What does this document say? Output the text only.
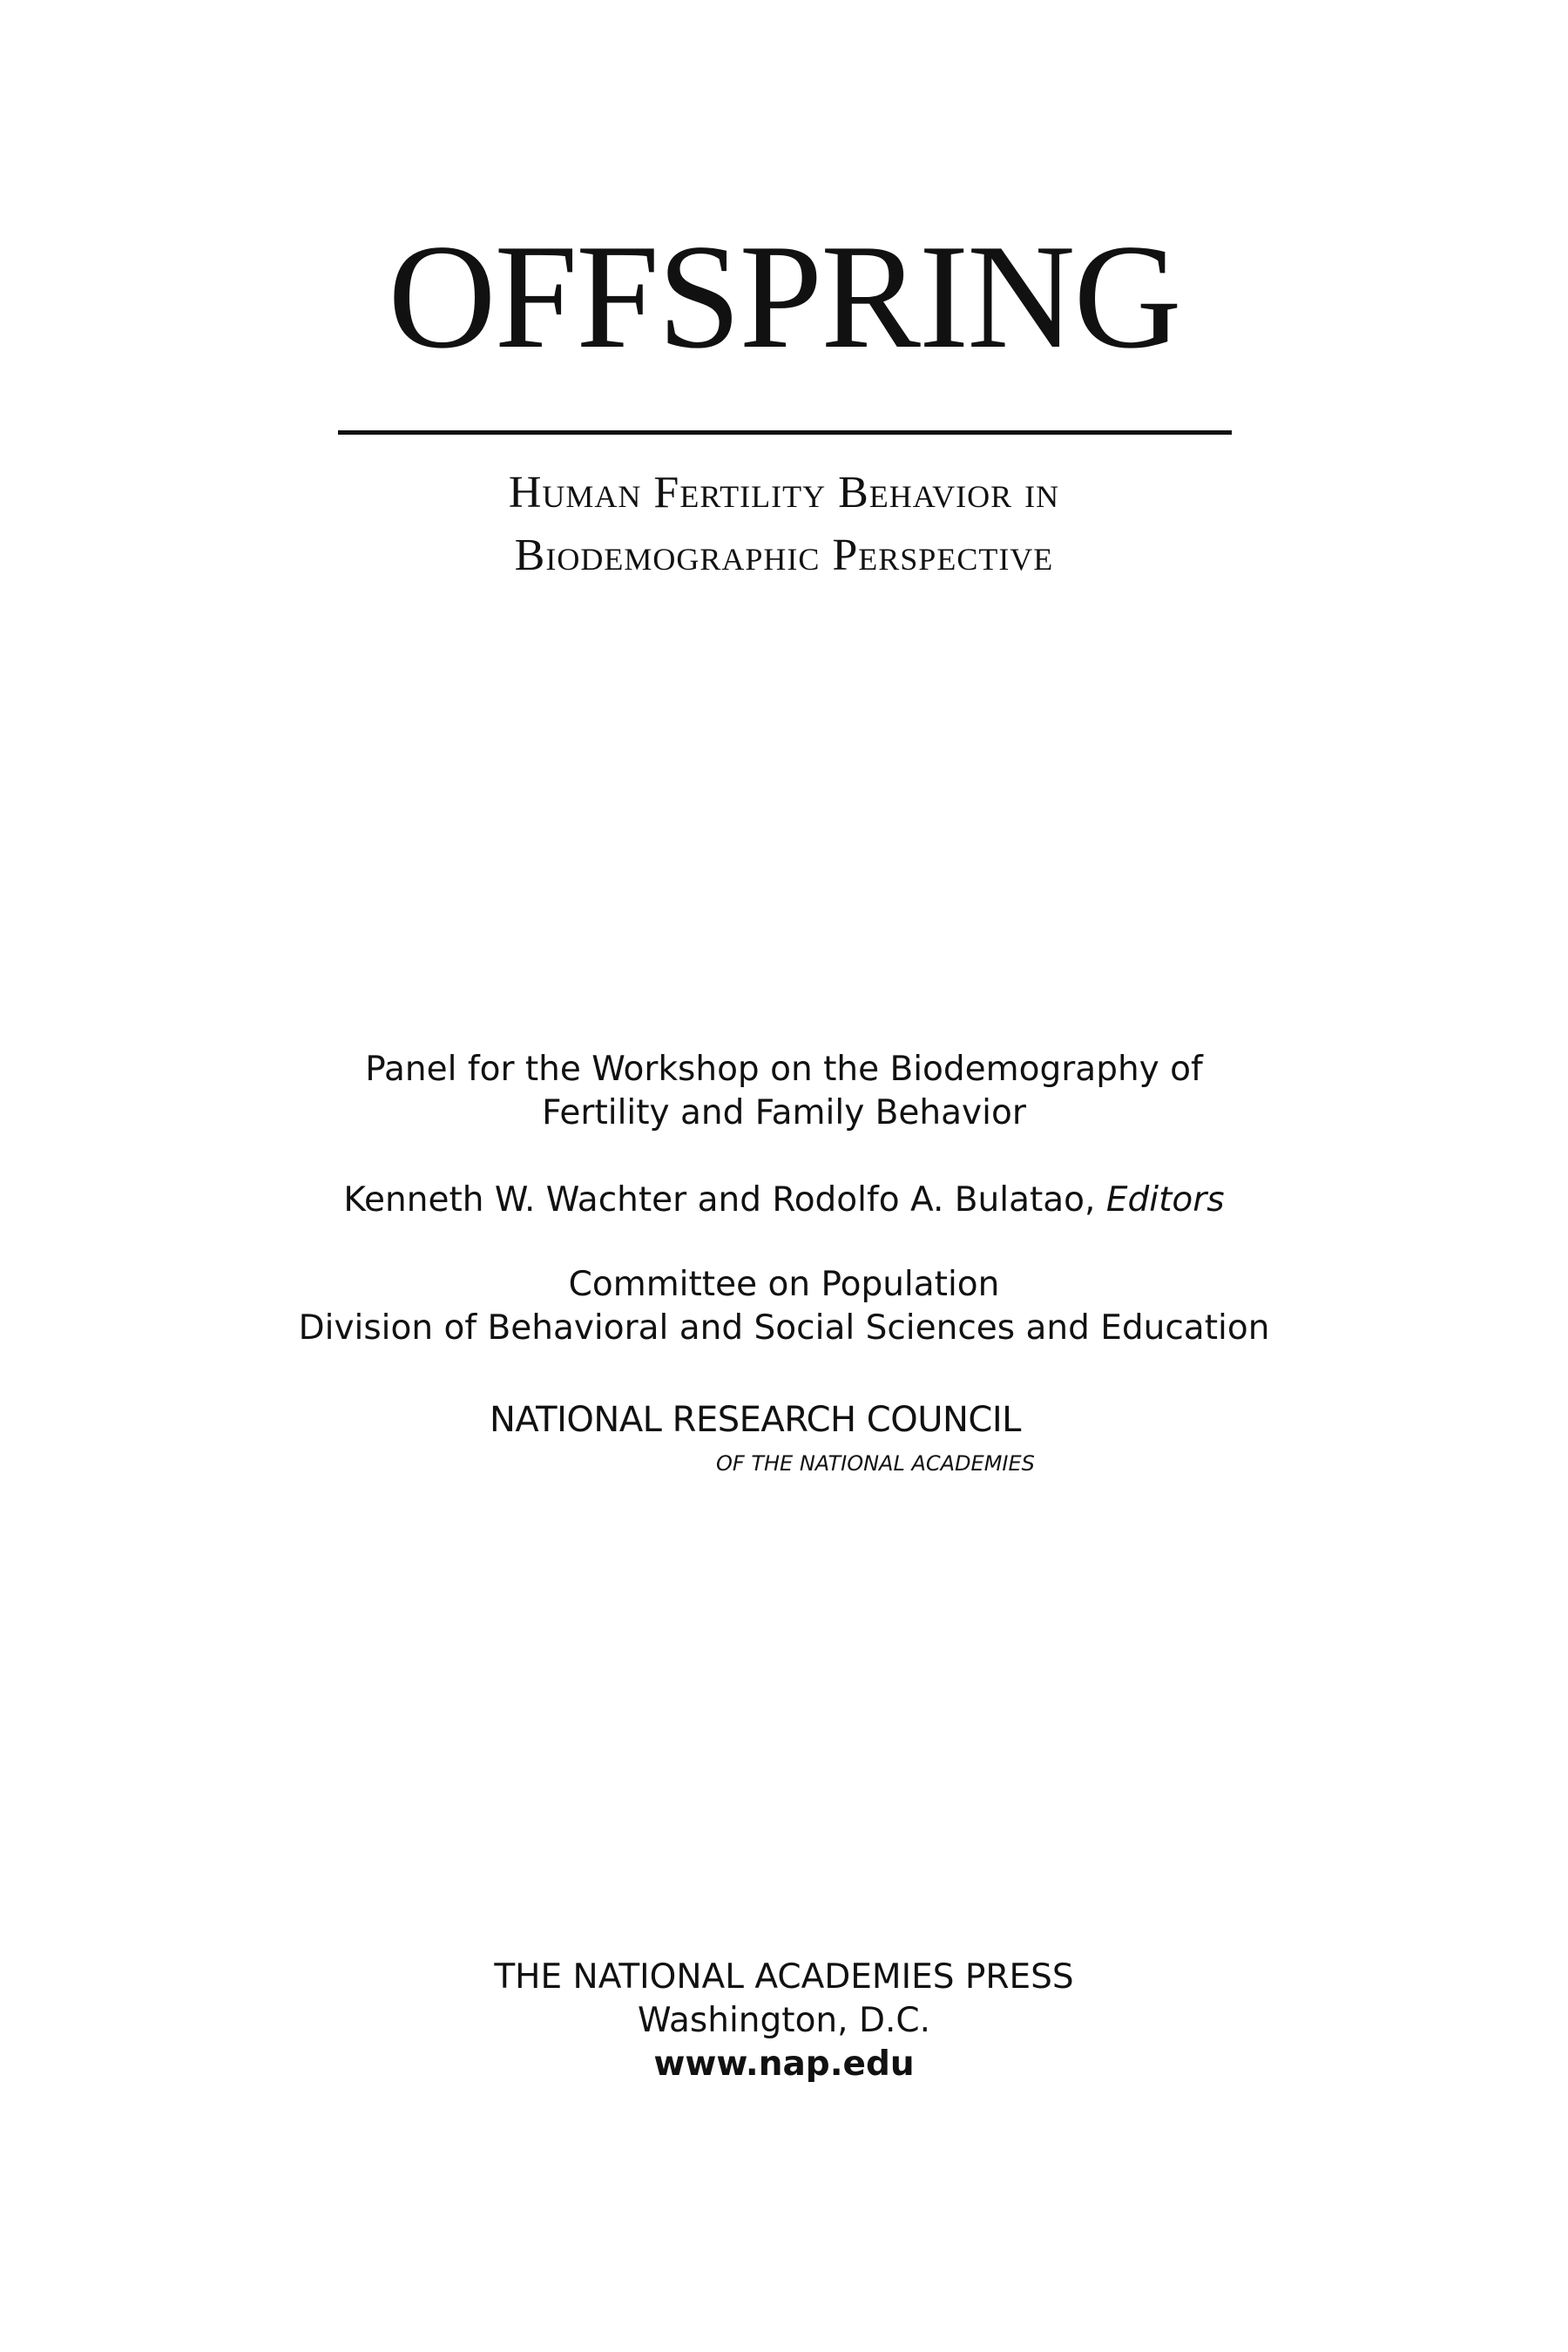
OFFSPRING
Human Fertility Behavior in
Biodemographic Perspective
Panel for the Workshop on the Biodemography of
Fertility and Family Behavior
Kenneth W. Wachter and Rodolfo A. Bulatao, Editors
Committee on Population
Division of Behavioral and Social Sciences and Education
NATIONAL RESEARCH COUNCIL
OF THE NATIONAL ACADEMIES
THE NATIONAL ACADEMIES PRESS
Washington, D.C.
www.nap.edu
